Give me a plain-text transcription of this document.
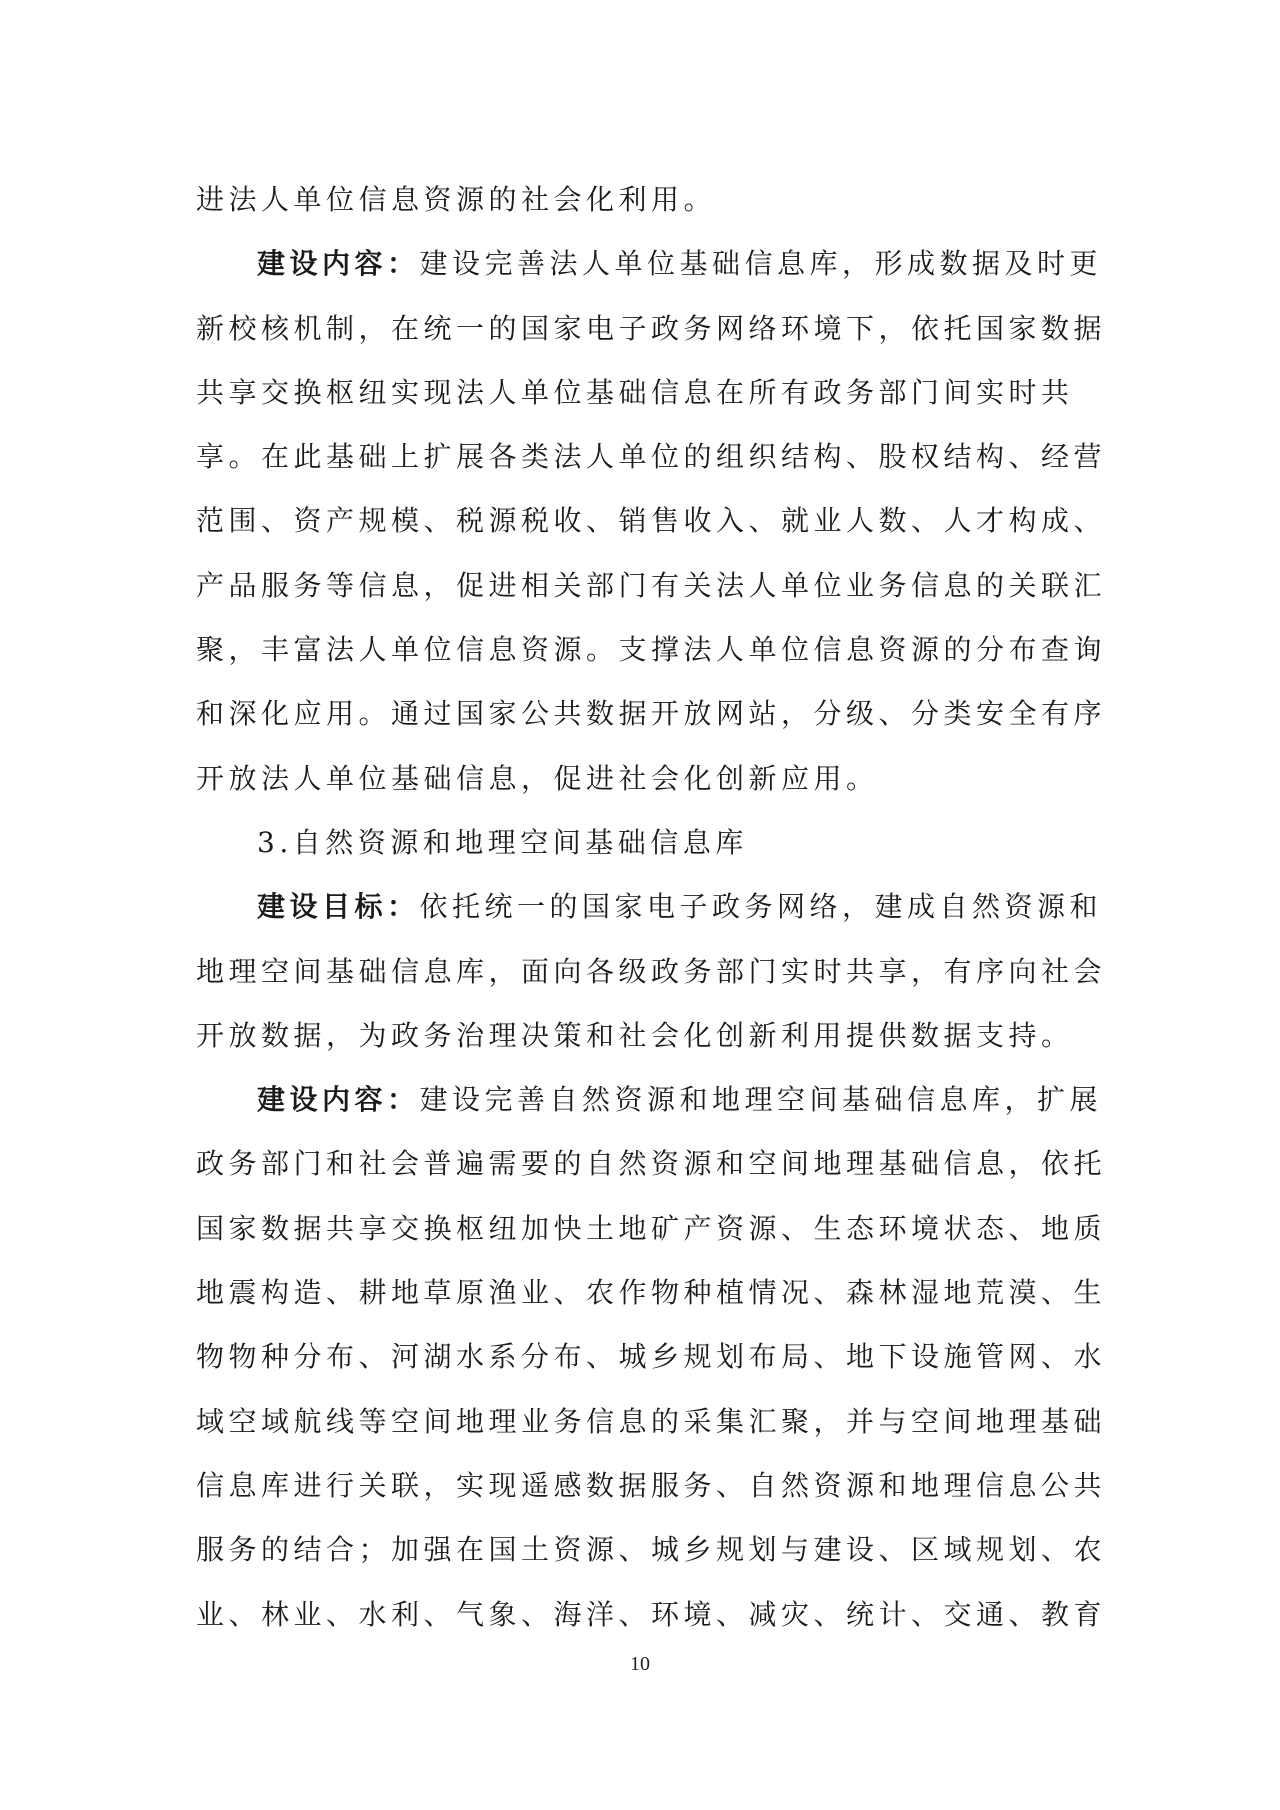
进法人单位信息资源的社会化利用。
建设内容：建设完善法人单位基础信息库，形成数据及时更
新校核机制，在统一的国家电子政务网络环境下，依托国家数据
共享交换枢纽实现法人单位基础信息在所有政务部门间实时共
享。在此基础上扩展各类法人单位的组织结构、股权结构、经营
范围、资产规模、税源税收、销售收入、就业人数、人才构成、
产品服务等信息，促进相关部门有关法人单位业务信息的关联汇
聚，丰富法人单位信息资源。支撑法人单位信息资源的分布查询
和深化应用。通过国家公共数据开放网站，分级、分类安全有序
开放法人单位基础信息，促进社会化创新应用。
3.自然资源和地理空间基础信息库
建设目标：依托统一的国家电子政务网络，建成自然资源和
地理空间基础信息库，面向各级政务部门实时共享，有序向社会
开放数据，为政务治理决策和社会化创新利用提供数据支持。
建设内容：建设完善自然资源和地理空间基础信息库，扩展
政务部门和社会普遍需要的自然资源和空间地理基础信息，依托
国家数据共享交换枢纽加快土地矿产资源、生态环境状态、地质
地震构造、耕地草原渔业、农作物种植情况、森林湿地荒漠、生
物物种分布、河湖水系分布、城乡规划布局、地下设施管网、水
域空域航线等空间地理业务信息的采集汇聚，并与空间地理基础
信息库进行关联，实现遥感数据服务、自然资源和地理信息公共
服务的结合；加强在国土资源、城乡规划与建设、区域规划、农
业、林业、水利、气象、海洋、环境、减灾、统计、交通、教育
10
